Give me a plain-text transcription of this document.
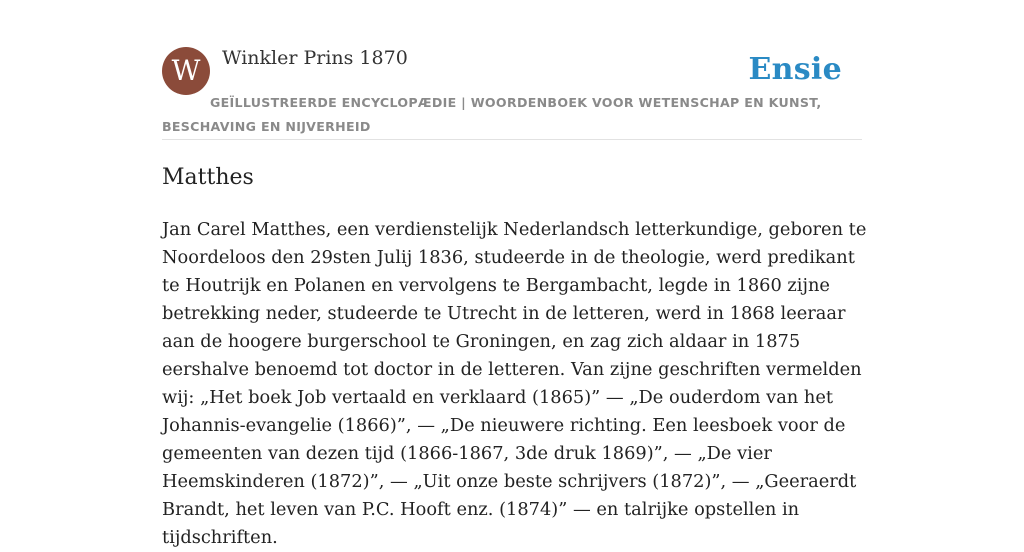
W	Winkler Prins 1870	Ensie
GEÏLLUSTREERDE ENCYCLOPÆDIE | WOORDENBOEK VOOR WETENSCHAP EN KUNST, BESCHAVING EN NIJVERHEID
Matthes

Jan Carel Matthes, een verdienstelijk Nederlandsch letterkundige, geboren te Noordeloos den 29sten Julij 1836, studeerde in de theologie, werd predikant te Houtrijk en Polanen en vervolgens te Bergambacht, legde in 1860 zijne betrekking neder, studeerde te Utrecht in de letteren, werd in 1868 leeraar aan de hoogere burgerschool te Groningen, en zag zich aldaar in 1875 eershalve benoemd tot doctor in de letteren. Van zijne geschriften vermelden wij: „Het boek Job vertaald en verklaard (1865)” — „De ouderdom van het Johannis-evangelie (1866)”, — „De nieuwere richting. Een leesboek voor de gemeenten van dezen tijd (1866-1867, 3de druk 1869)”, — „De vier Heemskinderen (1872)”, — „Uit onze beste schrijvers (1872)”, — „Geeraerdt Brandt, het leven van P.C. Hooft enz. (1874)” — en talrijke opstellen in tijdschriften.
